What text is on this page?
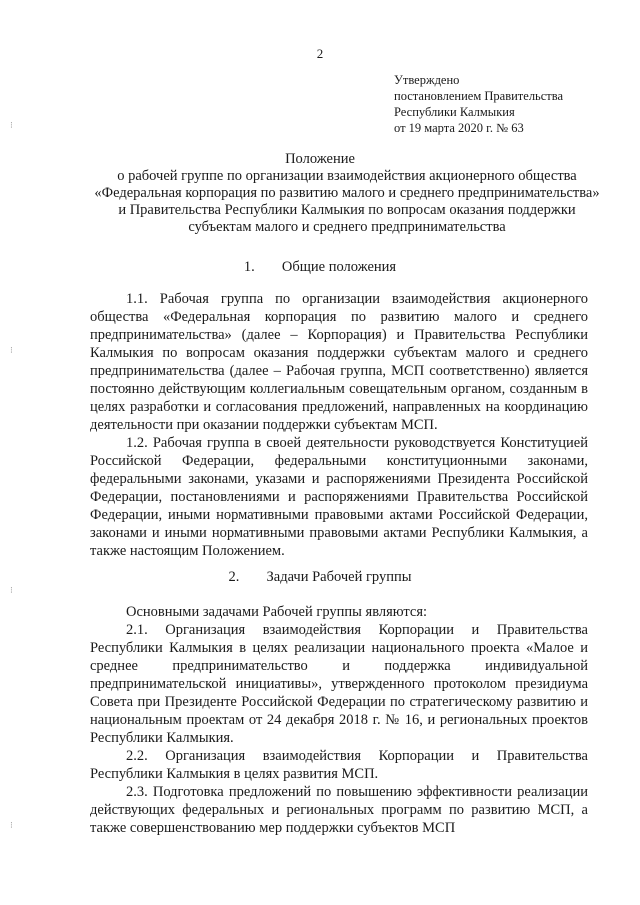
2
Утверждено
постановлением Правительства
Республики Калмыкия
от 19 марта 2020 г. № 63
Положение
о рабочей группе по организации взаимодействия акционерного общества «Федеральная корпорация по развитию малого и среднего предпринимательства» и Правительства Республики Калмыкия по вопросам оказания поддержки субъектам малого и среднего предпринимательства
1. Общие положения

1.1. Рабочая группа по организации взаимодействия акционерного общества «Федеральная корпорация по развитию малого и среднего предпринимательства» (далее – Корпорация) и Правительства Республики Калмыкия по вопросам оказания поддержки субъектам малого и среднего предпринимательства (далее – Рабочая группа, МСП соответственно) является постоянно действующим коллегиальным совещательным органом, созданным в целях разработки и согласования предложений, направленных на координацию деятельности при оказании поддержки субъектам МСП.

1.2. Рабочая группа в своей деятельности руководствуется Конституцией Российской Федерации, федеральными конституционными законами, федеральными законами, указами и распоряжениями Президента Российской Федерации, постановлениями и распоряжениями Правительства Российской Федерации, иными нормативными правовыми актами Российской Федерации, законами и иными нормативными правовыми актами Республики Калмыкия, а также настоящим Положением.

2. Задачи Рабочей группы

Основными задачами Рабочей группы являются:

2.1. Организация взаимодействия Корпорации и Правительства Республики Калмыкия в целях реализации национального проекта «Малое и среднее предпринимательство и поддержка индивидуальной предпринимательской инициативы», утвержденного протоколом президиума Совета при Президенте Российской Федерации по стратегическому развитию и национальным проектам от 24 декабря 2018 г. № 16, и региональных проектов Республики Калмыкия.

2.2. Организация взаимодействия Корпорации и Правительства Республики Калмыкия в целях развития МСП.

2.3. Подготовка предложений по повышению эффективности реализации действующих федеральных и региональных программ по развитию МСП, а также совершенствованию мер поддержки субъектов МСП

⁝
⁝
⁝
⁝
